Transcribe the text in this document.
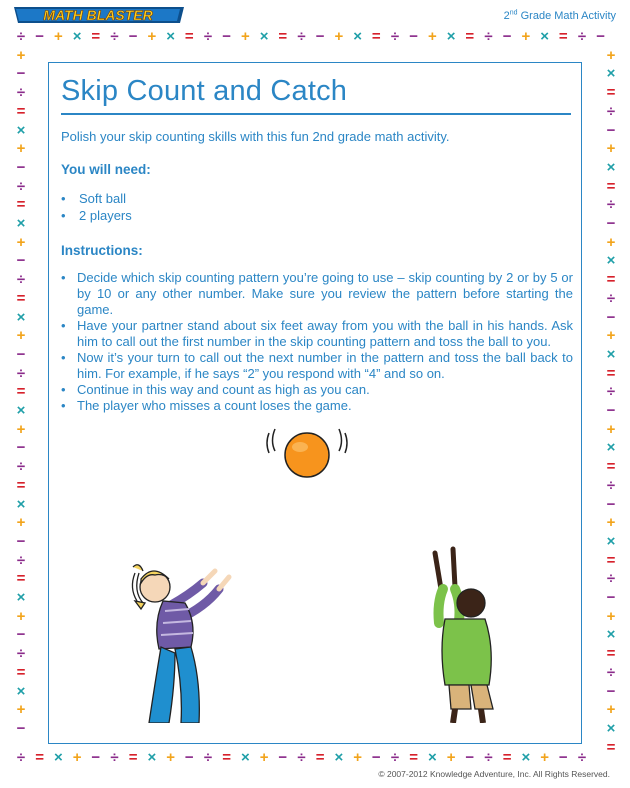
MATH BLASTER	2nd Grade Math Activity
÷ − + × = ÷ − + × = ÷ − + × = ÷ − + × = ÷ − + × = ÷ − + × = ÷ −
+
×
=
÷
−
+
×
=
÷
−
+
×
=
÷
−
+
×
=
÷
−
+
×
=
÷
−
+
×
=
÷
−
+
×
=
÷
−
+
×
=
÷
−
+
×
=
÷
−
+
×
=
÷
−
+
×
=
÷
−
+
×
=
÷
−
+
×
=
÷
−
+
×
=
÷
−
+
×
=
÷
−
+
×
=
÷
−
+
×
=
÷
−
+
×
=
÷
−
+
×
=
÷
−
+
×
=
÷
−
+
×
=
÷
−
+
Skip Count and Catch

Polish your skip counting skills with this fun 2nd grade math activity.

You will need:
• Soft ball
• 2 players
Instructions:
• Decide which skip counting pattern you’re going to use – skip counting by 2 or by 5 or by 10 or any other number. Make sure you review the pattern before starting the game.
• Have your partner stand about six feet away from you with the ball in his hands. Ask him to call out the first number in the skip counting pattern and toss the ball to you.
• Now it’s your turn to call out the next number in the pattern and toss the ball back to him. For example, if he says “2” you respond with “4” and so on.
• Continue in this way and count as high as you can.
• The player who misses a count loses the game.
© 2007-2012 Knowledge Adventure, Inc. All Rights Reserved.
